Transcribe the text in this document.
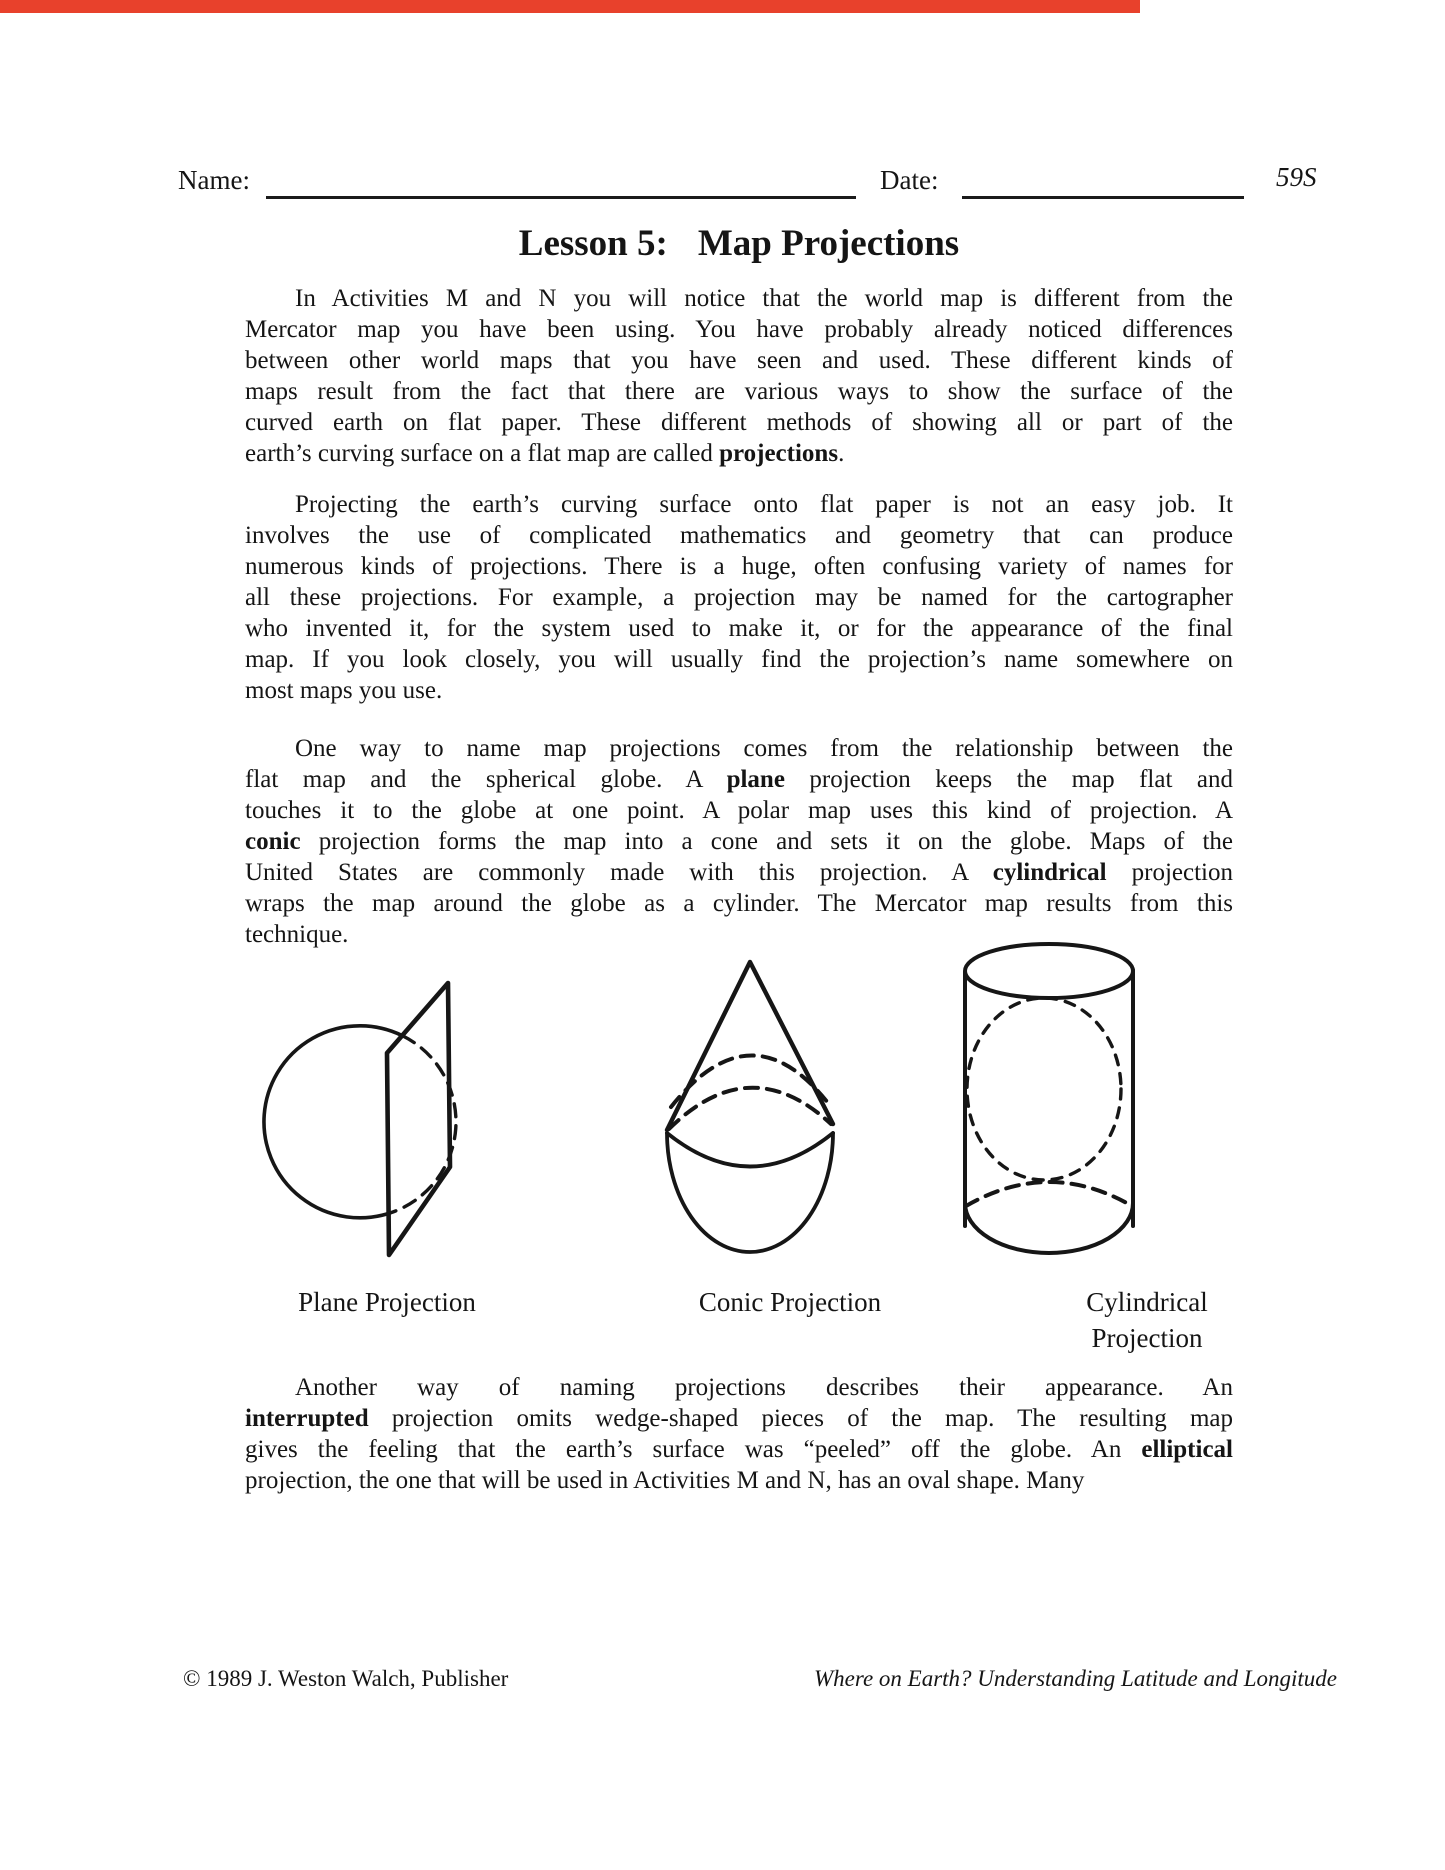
Name:	Date:	59S
Lesson 5: Map Projections
In Activities M and N you will notice that the world map is different from the
Mercator map you have been using. You have probably already noticed differences
between other world maps that you have seen and used. These different kinds of
maps result from the fact that there are various ways to show the surface of the
curved earth on flat paper. These different methods of showing all or part of the
earth’s curving surface on a flat map are called projections.
Projecting the earth’s curving surface onto flat paper is not an easy job. It
involves the use of complicated mathematics and geometry that can produce
numerous kinds of projections. There is a huge, often confusing variety of names for
all these projections. For example, a projection may be named for the cartographer
who invented it, for the system used to make it, or for the appearance of the final
map. If you look closely, you will usually find the projection’s name somewhere on
most maps you use.
One way to name map projections comes from the relationship between the
flat map and the spherical globe. A plane projection keeps the map flat and
touches it to the globe at one point. A polar map uses this kind of projection. A
conic projection forms the map into a cone and sets it on the globe. Maps of the
United States are commonly made with this projection. A cylindrical projection
wraps the map around the globe as a cylinder. The Mercator map results from this
technique.
Another way of naming projections describes their appearance. An
interrupted projection omits wedge-shaped pieces of the map. The resulting map
gives the feeling that the earth’s surface was “peeled” off the globe. An elliptical
projection, the one that will be used in Activities M and N, has an oval shape. Many
Plane Projection	Conic Projection	Cylindrical
Projection
© 1989 J. Weston Walch, Publisher	Where on Earth? Understanding Latitude and Longitude
